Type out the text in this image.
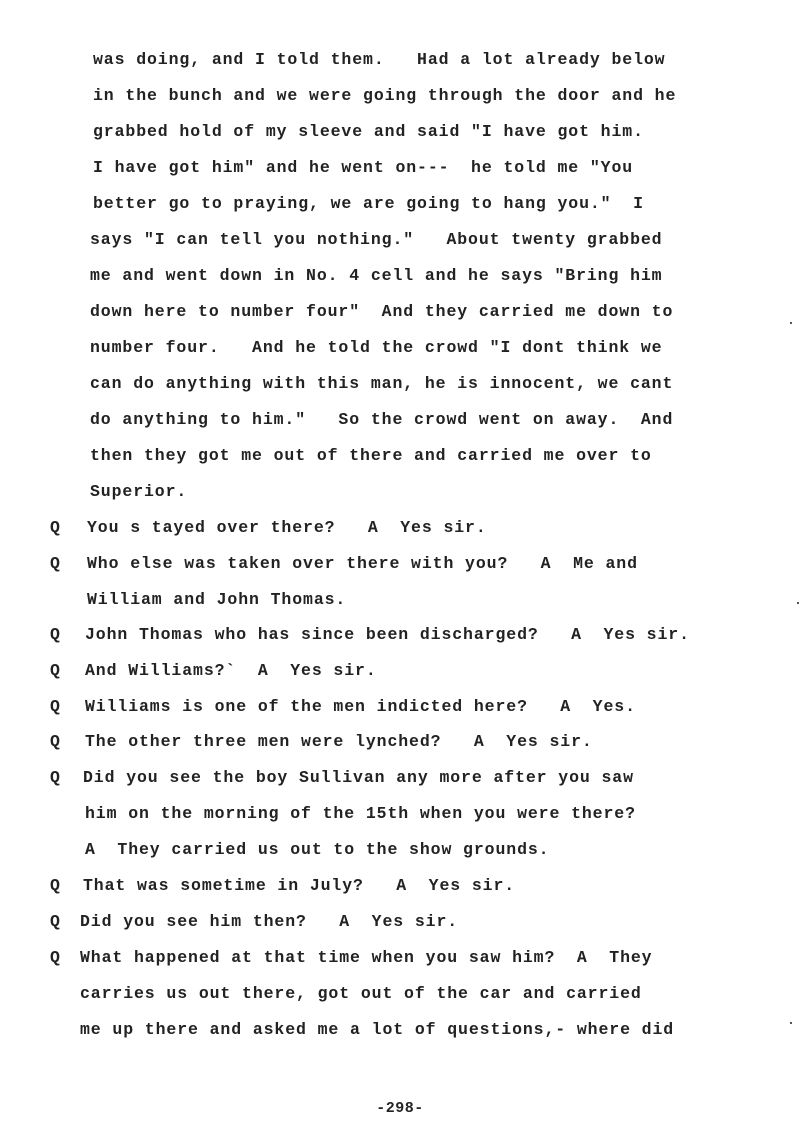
was doing, and I told them.   Had a lot already below
in the bunch and we were going through the door and he
grabbed hold of my sleeve and said "I have got him.
I have got him" and he went on---  he told me "You
better go to praying, we are going to hang you."  I
says "I can tell you nothing."   About twenty grabbed
me and went down in No. 4 cell and he says "Bring him
down here to number four"  And they carried me down to
number four.   And he told the crowd "I dont think we
can do anything with this man, he is innocent, we cant
do anything to him."   So the crowd went on away.  And
then they got me out of there and carried me over to
Superior.
Q You s tayed over there?   A  Yes sir.
Q Who else was taken over there with you?   A  Me and
William and John Thomas.
Q John Thomas who has since been discharged?   A  Yes sir.
Q And Williams?`  A  Yes sir.
Q Williams is one of the men indicted here?   A  Yes.
Q The other three men were lynched?   A  Yes sir.
Q Did you see the boy Sullivan any more after you saw
him on the morning of the 15th when you were there?
A  They carried us out to the show grounds.
Q That was sometime in July?   A  Yes sir.
Q Did you see him then?   A  Yes sir.
Q What happened at that time when you saw him?  A  They
carries us out there, got out of the car and carried
me up there and asked me a lot of questions,- where did
-298-
